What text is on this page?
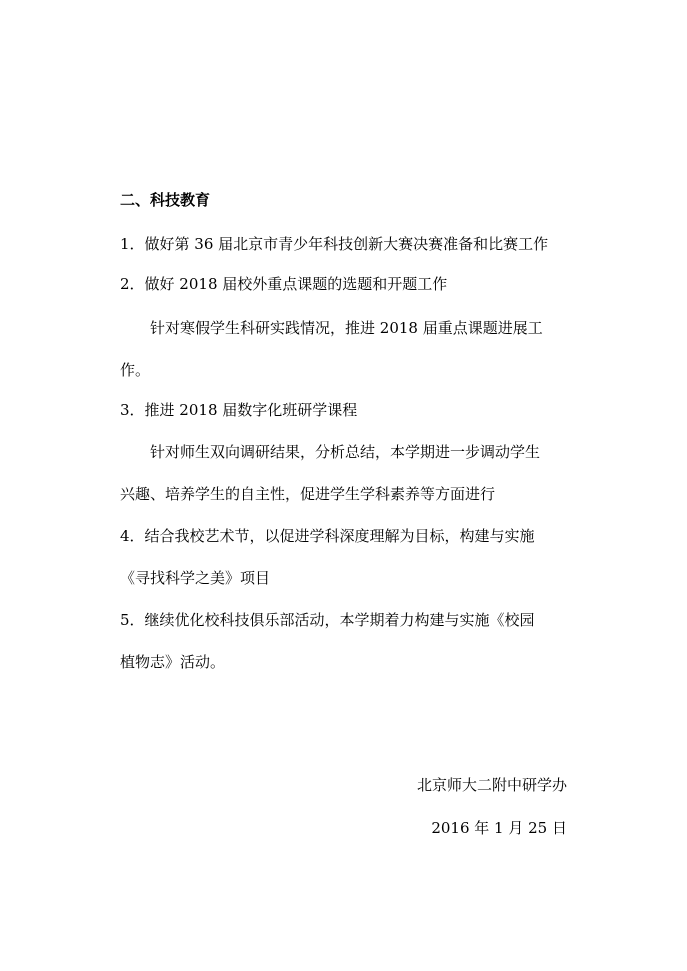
二、科技教育
1．做好第 36 届北京市青少年科技创新大赛决赛准备和比赛工作
2．做好 2018 届校外重点课题的选题和开题工作
针对寒假学生科研实践情况，推进 2018 届重点课题进展工
作。
3．推进 2018 届数字化班研学课程
针对师生双向调研结果，分析总结，本学期进一步调动学生
兴趣、培养学生的自主性，促进学生学科素养等方面进行
4．结合我校艺术节，以促进学科深度理解为目标，构建与实施
《寻找科学之美》项目
5．继续优化校科技俱乐部活动，本学期着力构建与实施《校园
植物志》活动。
北京师大二附中研学办
2016 年 1 月 25 日
